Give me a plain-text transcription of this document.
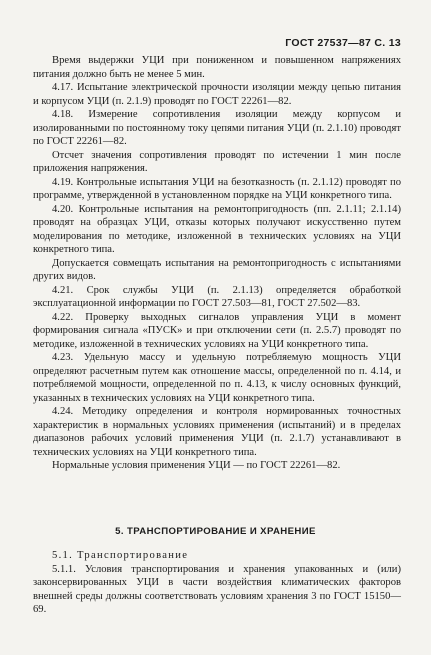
ГОСТ 27537—87 С. 13

Время выдержки УЦИ при пониженном и повышенном напряжениях питания должно быть не менее 5 мин.

4.17. Испытание электрической прочности изоляции между цепью питания и корпусом УЦИ (п. 2.1.9) проводят по ГОСТ 22261—82.

4.18. Измерение сопротивления изоляции между корпусом и изолированными по постоянному току цепями питания УЦИ (п. 2.1.10) проводят по ГОСТ 22261—82.

Отсчет значения сопротивления проводят по истечении 1 мин после приложения напряжения.

4.19. Контрольные испытания УЦИ на безотказность (п. 2.1.12) проводят по программе, утвержденной в установленном порядке на УЦИ конкретного типа.

4.20. Контрольные испытания на ремонтопригодность (пп. 2.1.11; 2.1.14) проводят на образцах УЦИ, отказы которых получают искусственно путем моделирования по методике, изложенной в технических условиях на УЦИ конкретного типа.

Допускается совмещать испытания на ремонтопригодность с испытаниями других видов.

4.21. Срок службы УЦИ (п. 2.1.13) определяется обработкой эксплуатационной информации по ГОСТ 27.503—81, ГОСТ 27.502—83.

4.22. Проверку выходных сигналов управления УЦИ в момент формирования сигнала «ПУСК» и при отключении сети (п. 2.5.7) проводят по методике, изложенной в технических условиях на УЦИ конкретного типа.

4.23. Удельную массу и удельную потребляемую мощность УЦИ определяют расчетным путем как отношение массы, определенной по п. 4.14, и потребляемой мощности, определенной по п. 4.13, к числу основных функций, указанных в технических условиях на УЦИ конкретного типа.

4.24. Методику определения и контроля нормированных точностных характеристик в нормальных условиях применения (испытаний) и в пределах диапазонов рабочих условий применения УЦИ (п. 2.1.7) устанавливают в технических условиях на УЦИ конкретного типа.

Нормальные условия применения УЦИ — по ГОСТ 22261—82.

5. ТРАНСПОРТИРОВАНИЕ И ХРАНЕНИЕ

5.1. Транспортирование

5.1.1. Условия транспортирования и хранения упакованных и (или) законсервированных УЦИ в части воздействия климатических факторов внешней среды должны соответствовать условиям хранения 3 по ГОСТ 15150—69.
